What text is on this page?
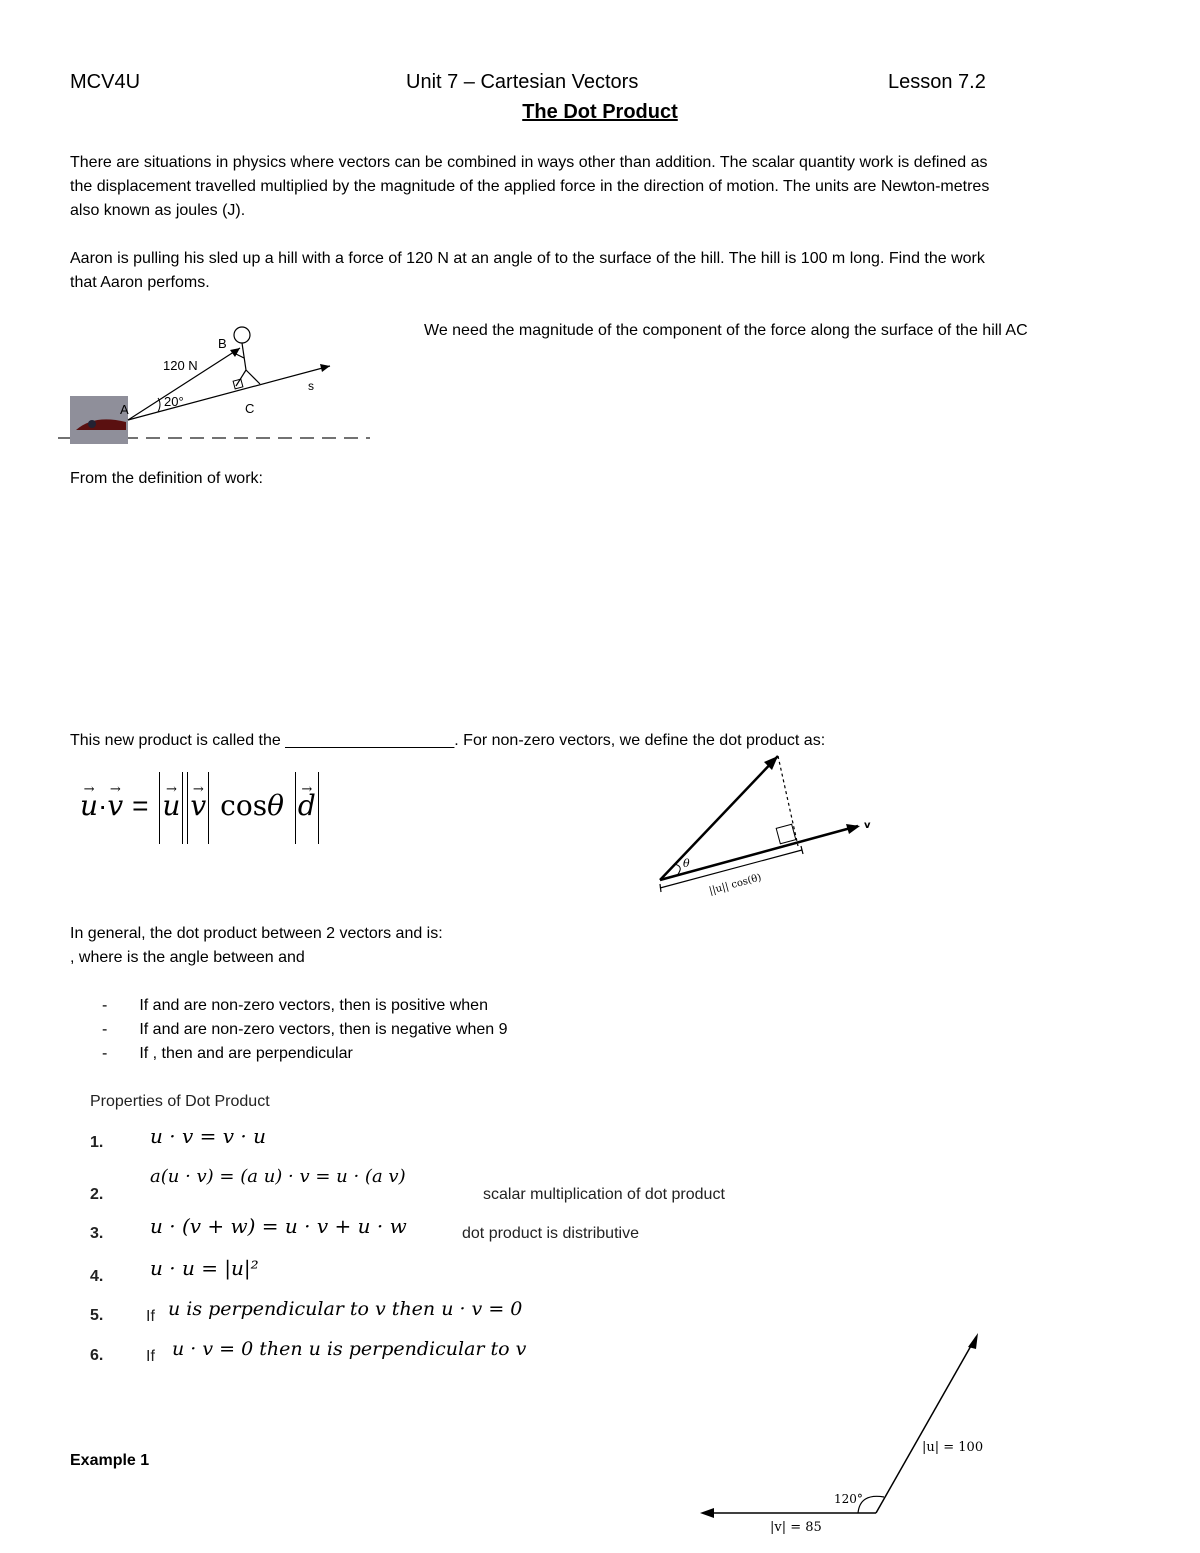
MCV4U	Unit 7 – Cartesian Vectors	Lesson 7.2
The Dot Product
There are situations in physics where vectors can be combined in ways other than addition. The scalar quantity work is defined as
the displacement travelled multiplied by the magnitude of the applied force in the direction of motion. The units are Newton-metres
also known as joules (J).
Aaron is pulling his sled up a hill with a force of 120 N at an angle of to the surface of the hill. The hill is 100 m long. Find the work
that Aaron perfoms.
120 N
20°
A
B
C
s
We need the magnitude of the component of the force along the surface of the hill AC
From the definition of work:
This new product is called the ___________________. For non-zero vectors, we define the dot product as:
→ u·→ v = → u → v cosθ → d
v
θ
||u|| cos(θ)
In general, the dot product between 2 vectors and is:
, where is the angle between and
- If and are non-zero vectors, then is positive when
- If and are non-zero vectors, then is negative when 9
- If , then and are perpendicular
Properties of Dot Product
1. u · v = v · u
2.
a(u · v) = (a u) · v = u · (a v)
scalar multiplication of dot product
3. u · (v + w) = u · v + u · w	dot product is distributive
4. u · u = |u|²
5.	If u is perpendicular to v then u · v = 0
6.	If u · v = 0 then u is perpendicular to v
Example 1
|u| = 100
|v| = 85
120°
